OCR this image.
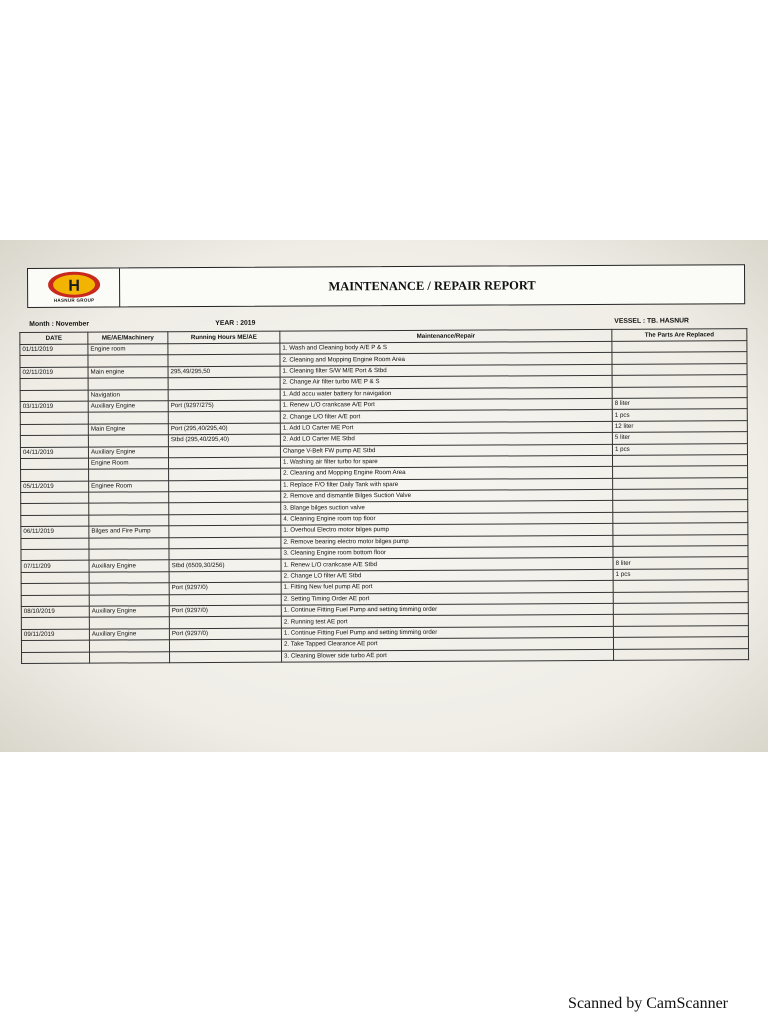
H
HASNUR GROUP
MAINTENANCE / REPAIR REPORT
Month : November	YEAR : 2019	VESSEL : TB. HASNUR
DATE	ME/AE/Machinery	Running Hours ME/AE	Maintenance/Repair	The Parts Are Replaced
01/11/2019	Engine room		1. Wash and Cleaning body A/E P & S	
			2. Cleaning and Mopping Engine Room Area	
02/11/2019	Main engine	295,49/295,50	1. Cleaning filter S/W M/E Port & Stbd	
			2. Change Air filter turbo M/E P & S	
	Navigation		1. Add accu water battery for navigation	
03/11/2019	Auxiliary Engine	Port (9297/275)	1. Renew L/O crankcase A/E Port	8 liter
			2. Change L/O filter A/E port	1 pcs
	Main Engine	Port (295,40/295,40)	1. Add LO Carter ME Port	12 liter
		Stbd (295,40/295,40)	2. Add LO Carter ME Stbd	5 liter
04/11/2019	Auxiliary Engine		Change V-Belt FW pump AE Stbd	1 pcs
	Engine Room		1. Washing air filter turbo for spare	
			2. Cleaning and Mopping Engine Room Area	
05/11/2019	Enginee Room		1. Replace F/O filter Daily Tank with spare	
			2. Remove and dismantle Bilges Suction Valve	
			3. Blange bilges suction valve	
			4. Cleaning Engine room top floor	
06/11/2019	Bilges and Fire Pump		1. Overhoul Electro motor bilges pump	
			2. Remove bearing electro motor bilges pump	
			3. Cleaning Engine room bottom floor	
07/11/209	Auxiliary Engine	Stbd (6509,30/256)	1. Renew L/O crankcase A/E Stbd	8 liter
			2. Change LO filter A/E Stbd	1 pcs
		Port (9297/0)	1. Fitting New fuel pump AE port	
			2. Setting Timing Order AE port	
08/10/2019	Auxiliary Engine	Port (9297/0)	1. Continue Fitting Fuel Pump and setting timming order	
			2. Running test AE port	
09/11/2019	Auxiliary Engine	Port (9297/0)	1. Continue Fitting Fuel Pump and setting timming order	
			2. Take Tapped Clearance AE port	
			3. Cleaning Blower side turbo AE port	
Scanned by CamScanner
